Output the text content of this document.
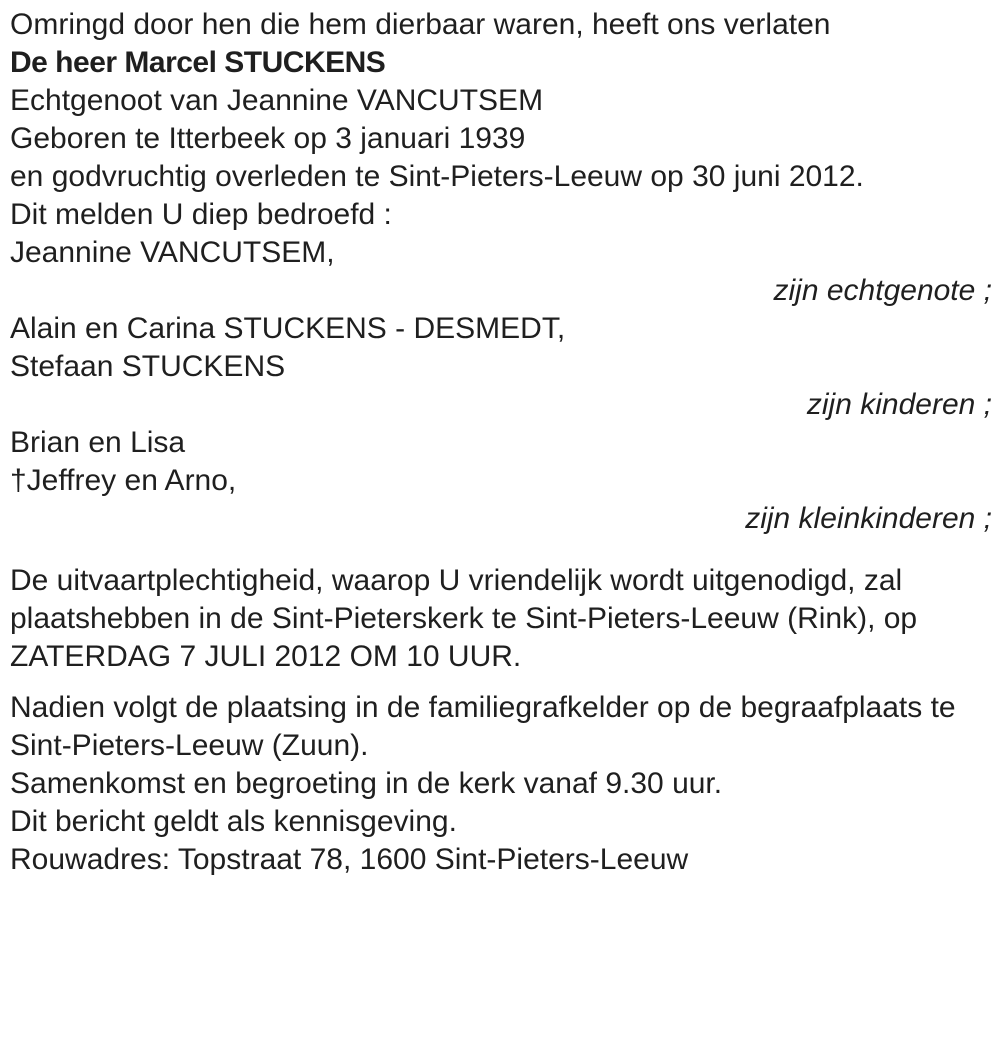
Omringd door hen die hem dierbaar waren, heeft ons verlaten

De heer Marcel STUCKENS

Echtgenoot van Jeannine VANCUTSEM

Geboren te Itterbeek op 3 januari 1939

en godvruchtig overleden te Sint-Pieters-Leeuw op 30 juni 2012.

Dit melden U diep bedroefd :

Jeannine VANCUTSEM,

zijn echtgenote ;

Alain en Carina STUCKENS - DESMEDT,

Stefaan STUCKENS

zijn kinderen ;

Brian en Lisa

†Jeffrey en Arno,

zijn kleinkinderen ;

De uitvaartplechtigheid, waarop U vriendelijk wordt uitgenodigd, zal

plaatshebben in de Sint-Pieterskerk te Sint-Pieters-Leeuw (Rink), op

ZATERDAG 7 JULI 2012 OM 10 UUR.

Nadien volgt de plaatsing in de familiegrafkelder op de begraafplaats te

Sint-Pieters-Leeuw (Zuun).

Samenkomst en begroeting in de kerk vanaf 9.30 uur.

Dit bericht geldt als kennisgeving.

Rouwadres: Topstraat 78, 1600 Sint-Pieters-Leeuw
